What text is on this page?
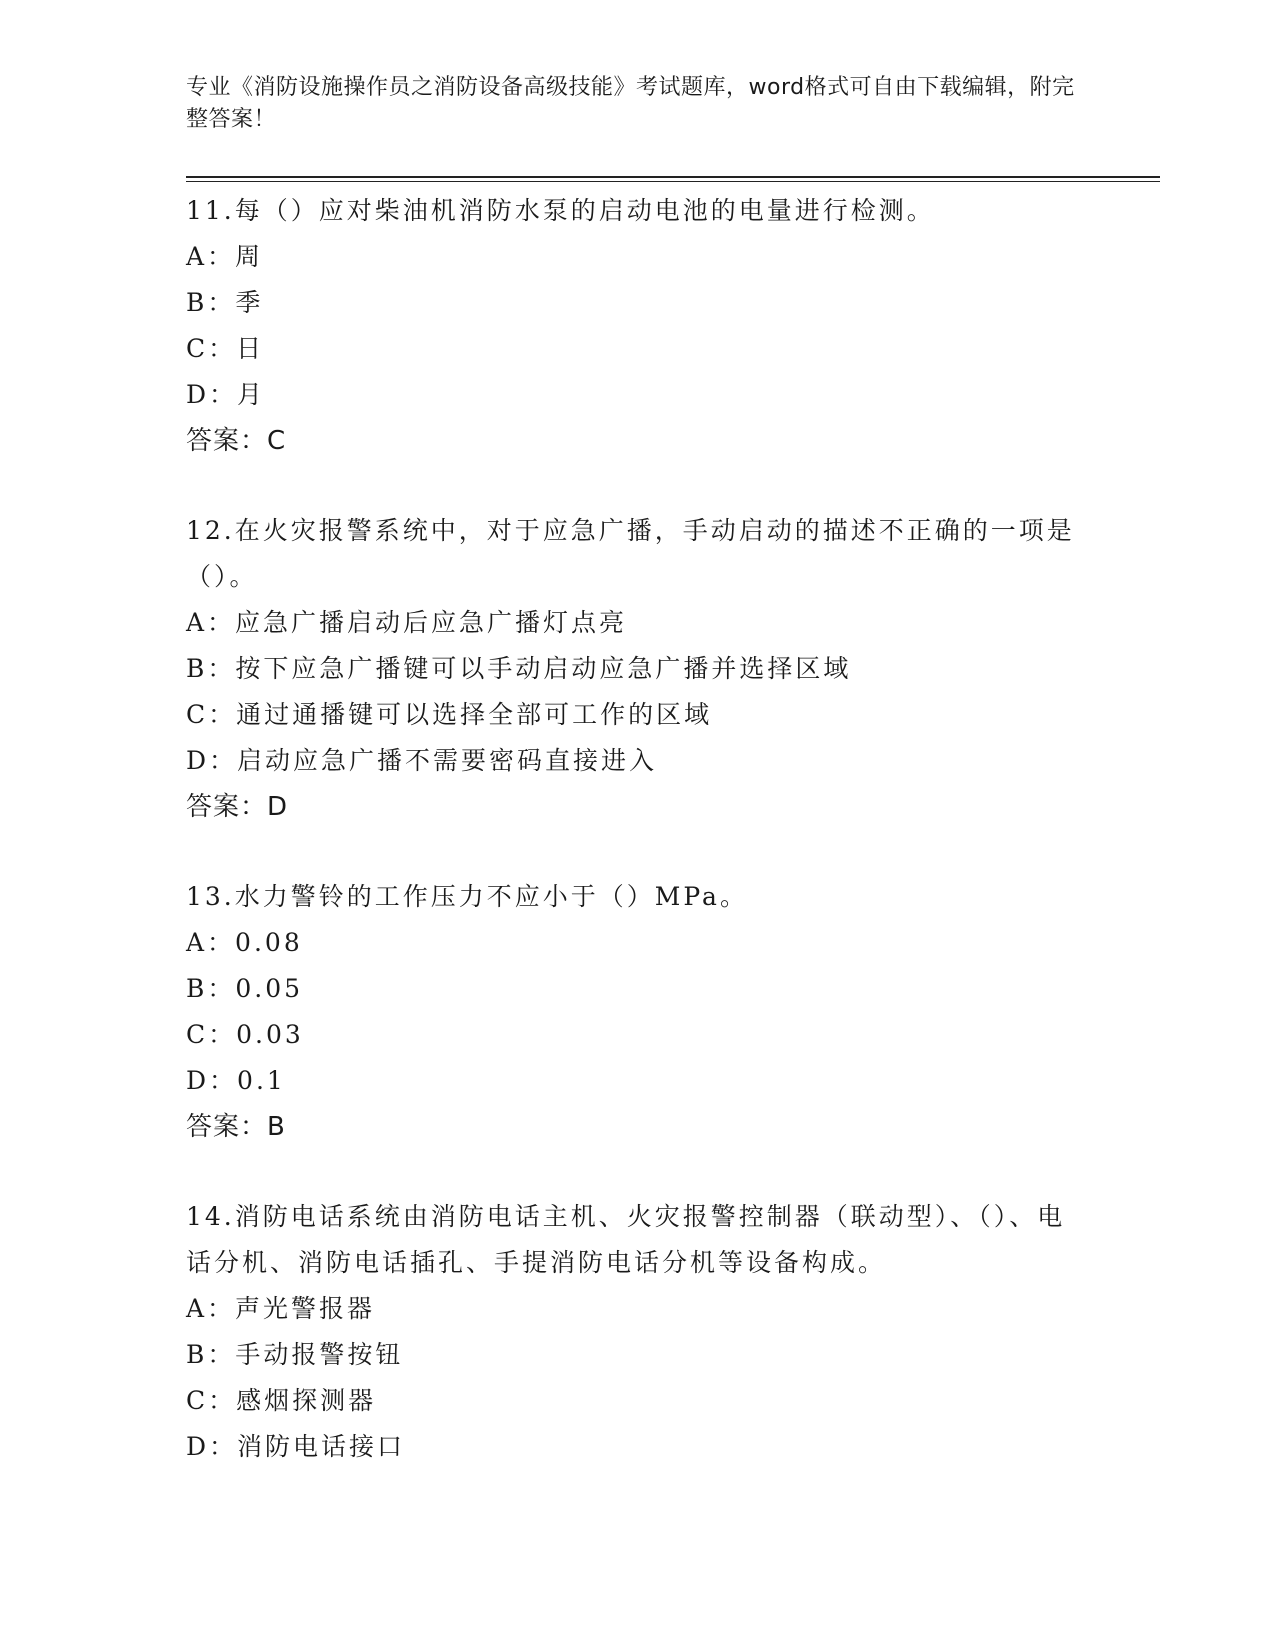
专业《消防设施操作员之消防设备高级技能》考试题库，word格式可自由下载编辑，附完整答案！

11.每（）应对柴油机消防水泵的启动电池的电量进行检测。

A：周

B：季

C：日

D：月

答案：C

12.在火灾报警系统中，对于应急广播，手动启动的描述不正确的一项是（）。

A：应急广播启动后应急广播灯点亮

B：按下应急广播键可以手动启动应急广播并选择区域

C：通过通播键可以选择全部可工作的区域

D：启动应急广播不需要密码直接进入

答案：D

13.水力警铃的工作压力不应小于（）MPa。

A：0.08

B：0.05

C：0.03

D：0.1

答案：B

14.消防电话系统由消防电话主机、火灾报警控制器（联动型）、（）、电话分机、消防电话插孔、手提消防电话分机等设备构成。

A：声光警报器

B：手动报警按钮

C：感烟探测器

D：消防电话接口
